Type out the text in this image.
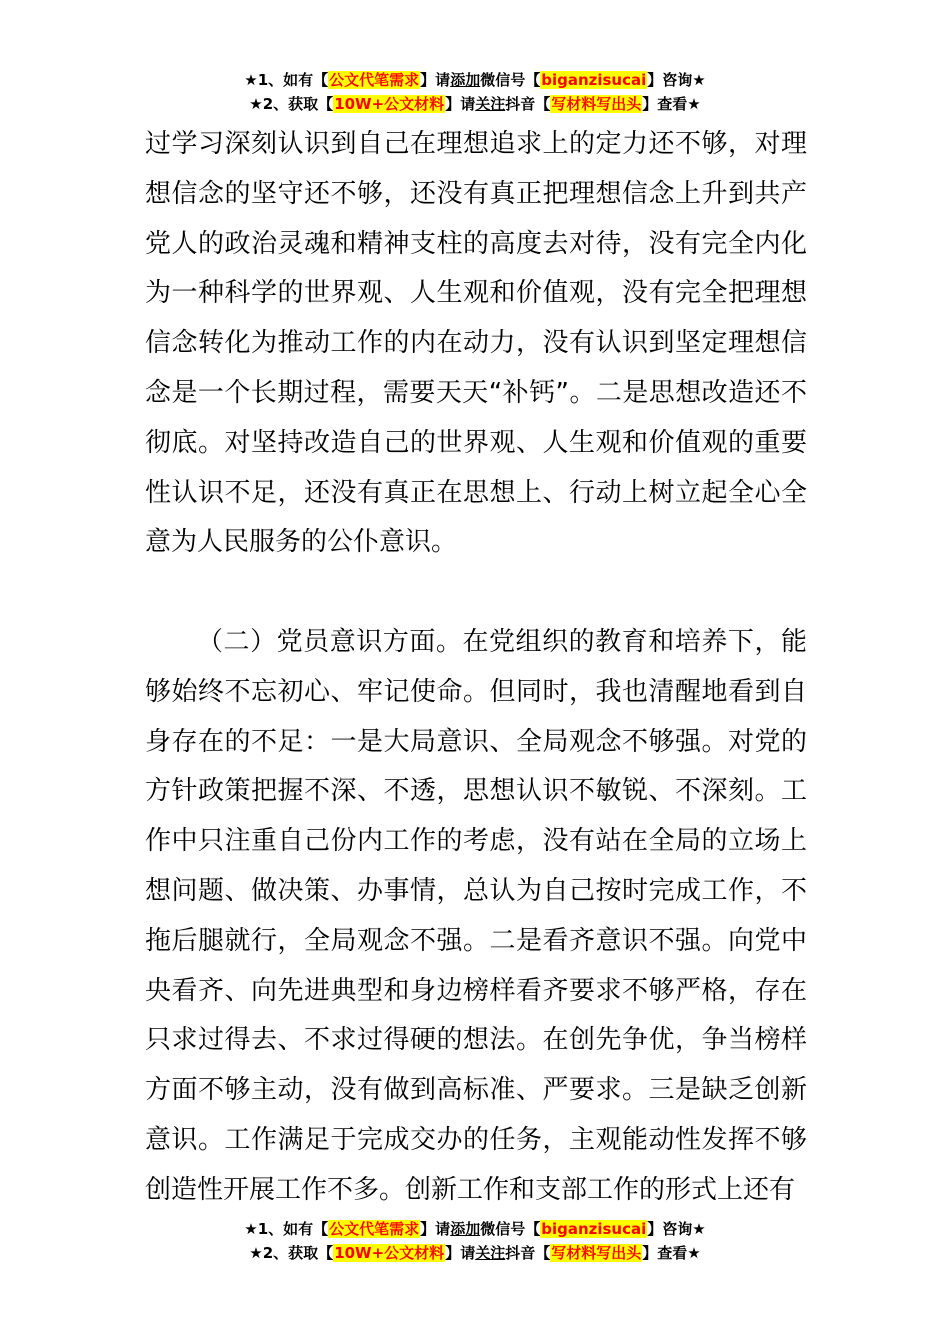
★1、如有【公文代笔需求】请添加微信号【biganzisucai】咨询★
★2、获取【10W+公文材料】请关注抖音【写材料写出头】查看★

过学习深刻认识到自己在理想追求上的定力还不够，对理想信念的坚守还不够，还没有真正把理想信念上升到共产党人的政治灵魂和精神支柱的高度去对待，没有完全内化为一种科学的世界观、人生观和价值观，没有完全把理想信念转化为推动工作的内在动力，没有认识到坚定理想信念是一个长期过程，需要天天“补钙”。二是思想改造还不彻底。对坚持改造自己的世界观、人生观和价值观的重要性认识不足，还没有真正在思想上、行动上树立起全心全意为人民服务的公仆意识。

（二）党员意识方面。在党组织的教育和培养下，能够始终不忘初心、牢记使命。但同时，我也清醒地看到自身存在的不足：一是大局意识、全局观念不够强。对党的方针政策把握不深、不透，思想认识不敏锐、不深刻。工作中只注重自己份内工作的考虑，没有站在全局的立场上想问题、做决策、办事情，总认为自己按时完成工作，不拖后腿就行，全局观念不强。二是看齐意识不强。向党中央看齐、向先进典型和身边榜样看齐要求不够严格，存在只求过得去、不求过得硬的想法。在创先争优，争当榜样方面不够主动，没有做到高标准、严要求。三是缺乏创新意识。工作满足于完成交办的任务，主观能动性发挥不够创造性开展工作不多。创新工作和支部工作的形式上还有

★1、如有【公文代笔需求】请添加微信号【biganzisucai】咨询★
★2、获取【10W+公文材料】请关注抖音【写材料写出头】查看★
